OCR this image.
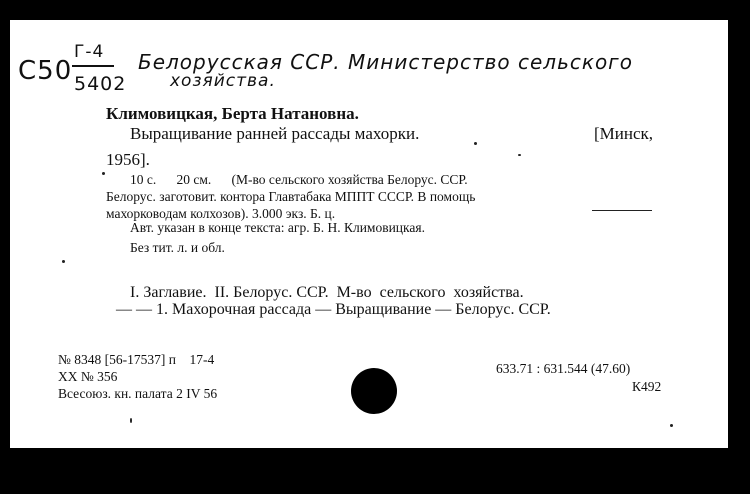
C50
Г-4
5402
Белорусская ССР. Министерство сельского
хозяйства.
Климовицкая, Берта Натановна.
Выращивание ранней рассады махорки.	[Минск,
1956].
10 с.      20 см.      (М-во сельского хозяйства Белорус. ССР.
Белорус. заготовит. контора Главтабака МППТ СССР. В помощь
махорководам колхозов). 3.000 экз. Б. ц.
Авт. указан в конце текста: агр. Б. Н. Климовицкая.
Без тит. л. и обл.
I. Заглавие.  II. Белорус. ССР.  М-во  сельского  хозяйства.
— — 1. Махорочная рассада — Выращивание — Белорус. ССР.
№ 8348 [56-17537] п    17-4
XX № 356
Всесоюз. кн. палата 2 IV 56
633.71 : 631.544 (47.60)
К492
